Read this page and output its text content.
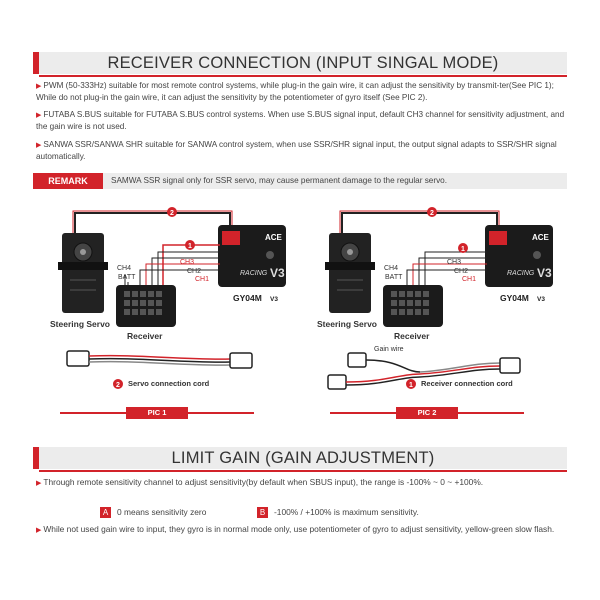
RECEIVER CONNECTION (INPUT SINGAL MODE)
▶ PWM (50-333Hz) suitable for most remote control systems, while plug-in the gain wire, it can adjust the sensitivity by transmit-ter(See PIC 1); While do not plug-in the gain wire, it can adjust the sensitivity by the potentiometer of gyro itself (See PIC 2).
▶ FUTABA S.BUS suitable for FUTABA S.BUS control systems. When use S.BUS signal input, default CH3 channel for sensitivity adjustment, and the gain wire is not used.
▶ SANWA SSR/SANWA SHR suitable for SANWA control system, when use SSR/SHR signal input, the output signal adapts to SSR/SHR signal automatically.
REMARK	SAMWA SSR signal only for SSR servo, may cause permanent damage to the regular servo.
2
ACE
RACING V3
GY04M V3
1
2
2
ACE
RACING V3
GY04M V3
1
1
CH4
BATT
CH3
CH2
CH1
Steering Servo
Receiver
Servo connection cord
PIC 1
CH4
BATT
CH3
CH2
CH1
Steering Servo
Receiver
Gain wire
Receiver connection cord
PIC 2
LIMIT GAIN (GAIN ADJUSTMENT)
▶ Through remote sensitivity channel to adjust sensitivity(by default when SBUS input), the range is -100% ~ 0 ~ +100%.
A 0 means sensitivity zero	B -100% / +100% is maximum sensitivity.
▶ While not used gain wire to input, they gyro is in normal mode only, use potentiometer of gyro to adjust sensitivity, yellow-green slow flash.
